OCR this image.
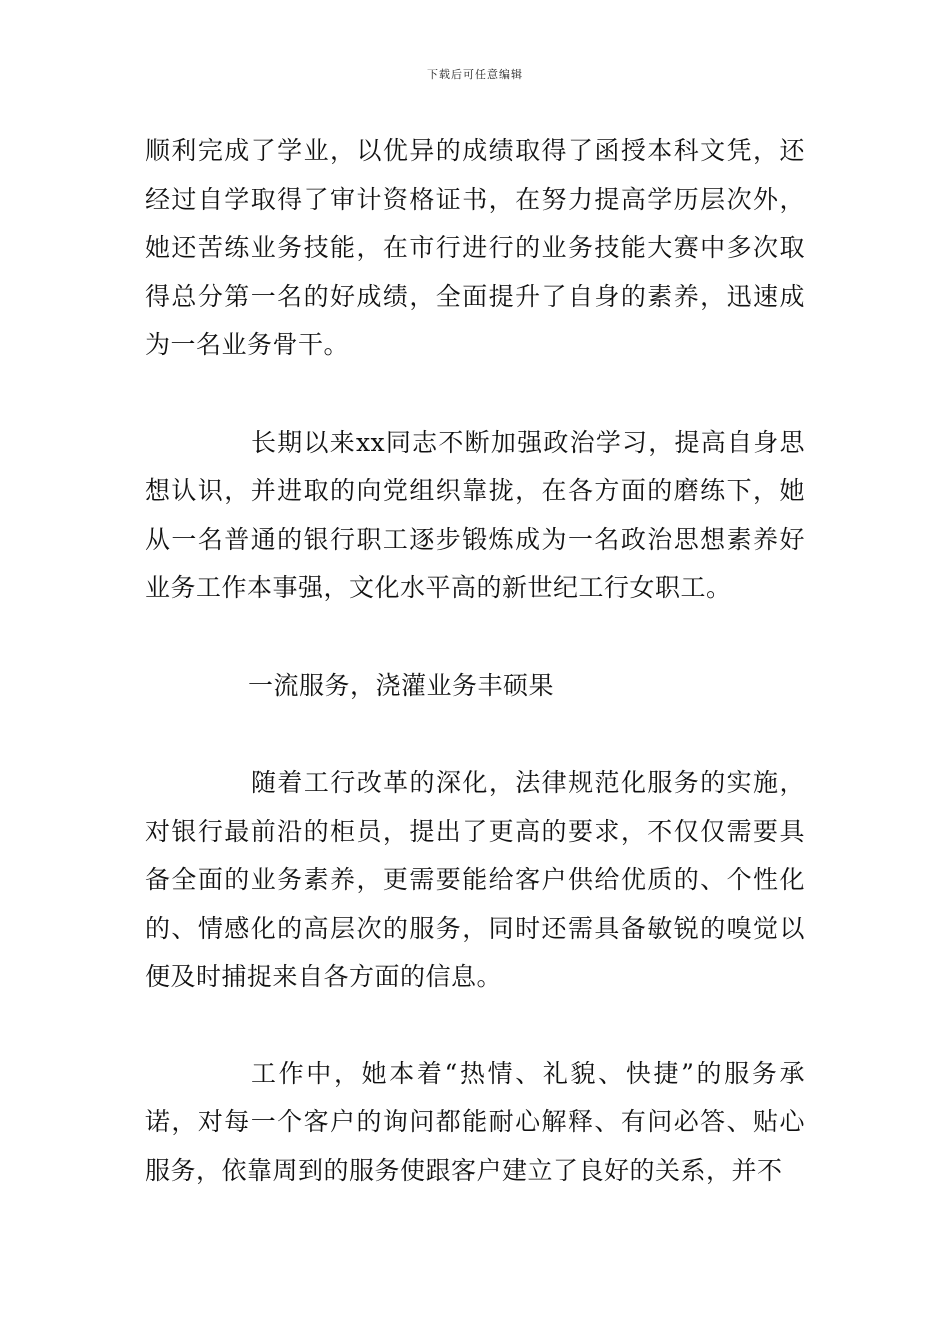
下载后可任意编辑

顺利完成了学业，以优异的成绩取得了函授本科文凭，还经过自学取得了审计资格证书，在努力提高学历层次外，她还苦练业务技能，在市行进行的业务技能大赛中多次取得总分第一名的好成绩，全面提升了自身的素养，迅速成为一名业务骨干。

长期以来xx同志不断加强政治学习，提高自身思想认识，并进取的向党组织靠拢，在各方面的磨练下，她从一名普通的银行职工逐步锻炼成为一名政治思想素养好业务工作本事强，文化水平高的新世纪工行女职工。

一流服务，浇灌业务丰硕果

随着工行改革的深化，法律规范化服务的实施，对银行最前沿的柜员，提出了更高的要求，不仅仅需要具备全面的业务素养，更需要能给客户供给优质的、个性化的、情感化的高层次的服务，同时还需具备敏锐的嗅觉以便及时捕捉来自各方面的信息。

工作中，她本着“热情、礼貌、快捷”的服务承诺，对每一个客户的询问都能耐心解释、有问必答、贴心服务，依靠周到的服务使跟客户建立了良好的关系，并不
